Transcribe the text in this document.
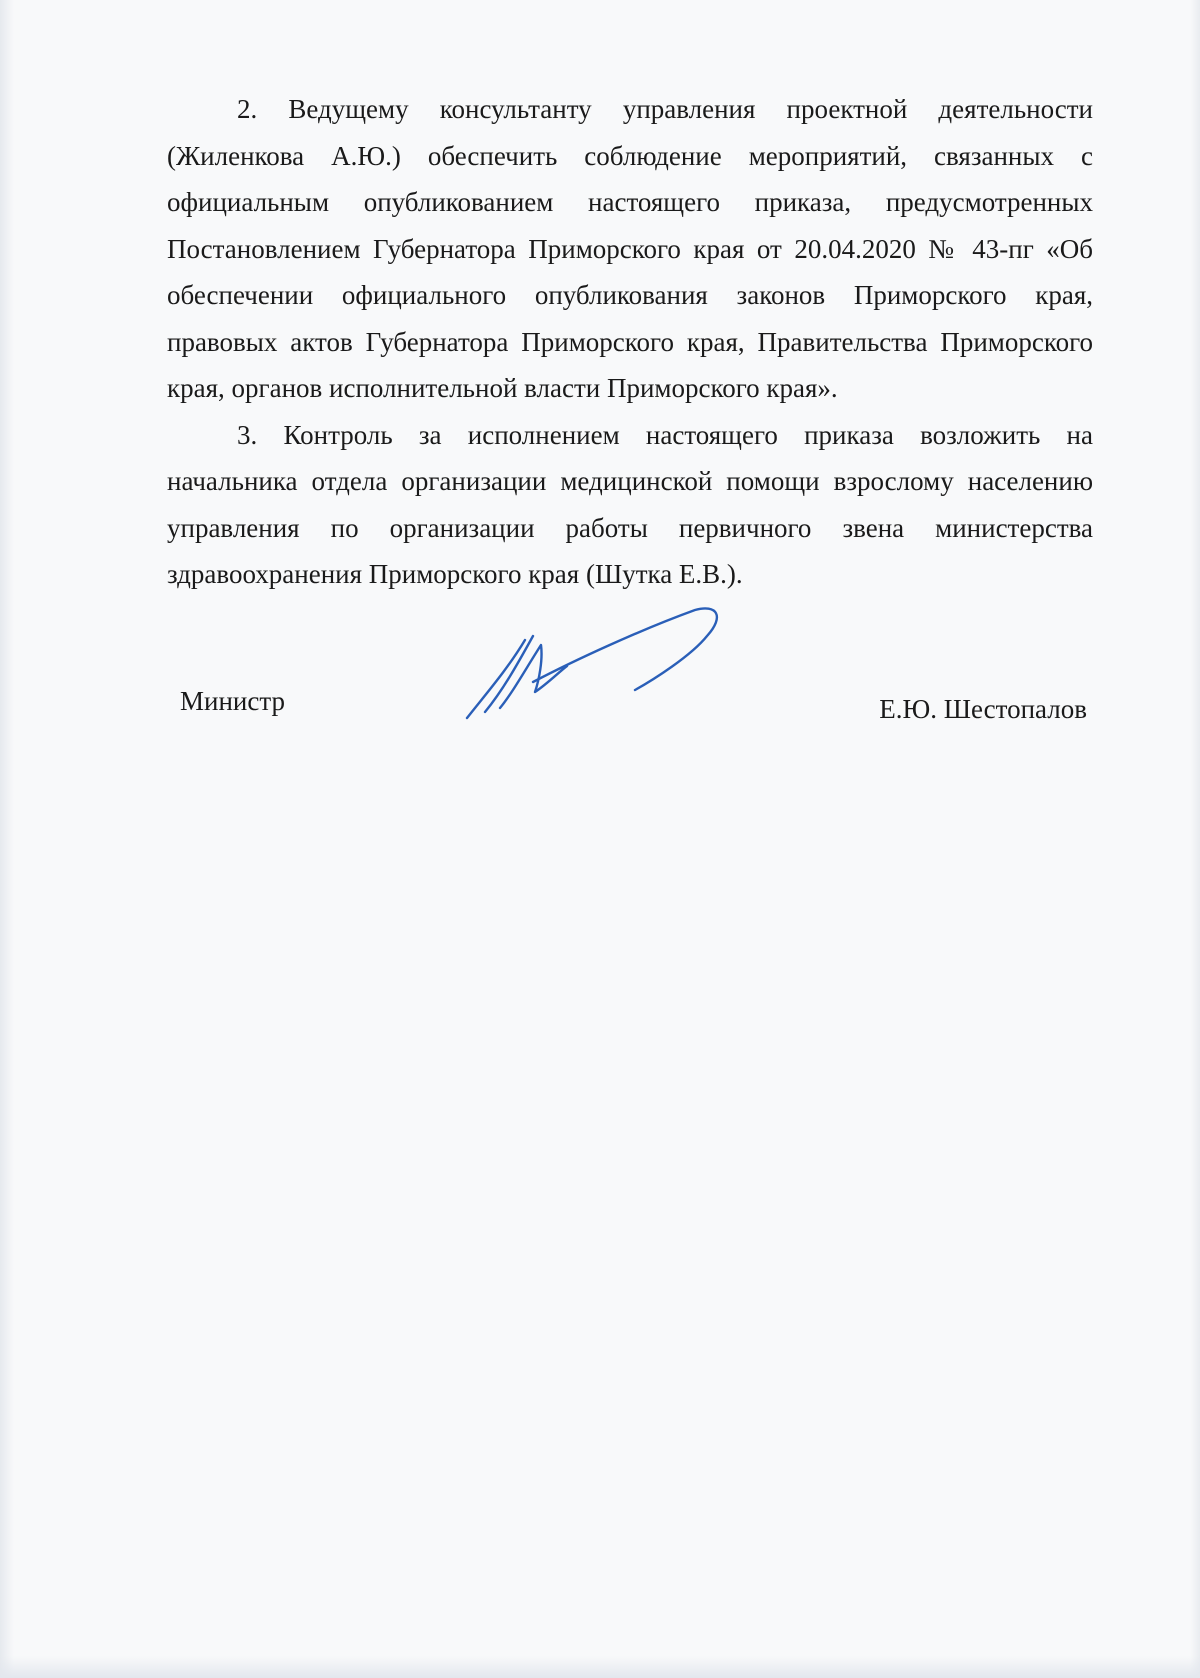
2. Ведущему консультанту управления проектной деятельности (Жиленкова А.Ю.) обеспечить соблюдение мероприятий, связанных с официальным опубликованием настоящего приказа, предусмотренных Постановлением Губернатора Приморского края от 20.04.2020 № 43-пг «Об обеспечении официального опубликования законов Приморского края, правовых актов Губернатора Приморского края, Правительства Приморского края, органов исполнительной власти Приморского края».

3. Контроль за исполнением настоящего приказа возложить на начальника отдела организации медицинской помощи взрослому населению управления по организации работы первичного звена министерства здравоохранения Приморского края (Шутка Е.В.).

Министр	Е.Ю. Шестопалов
